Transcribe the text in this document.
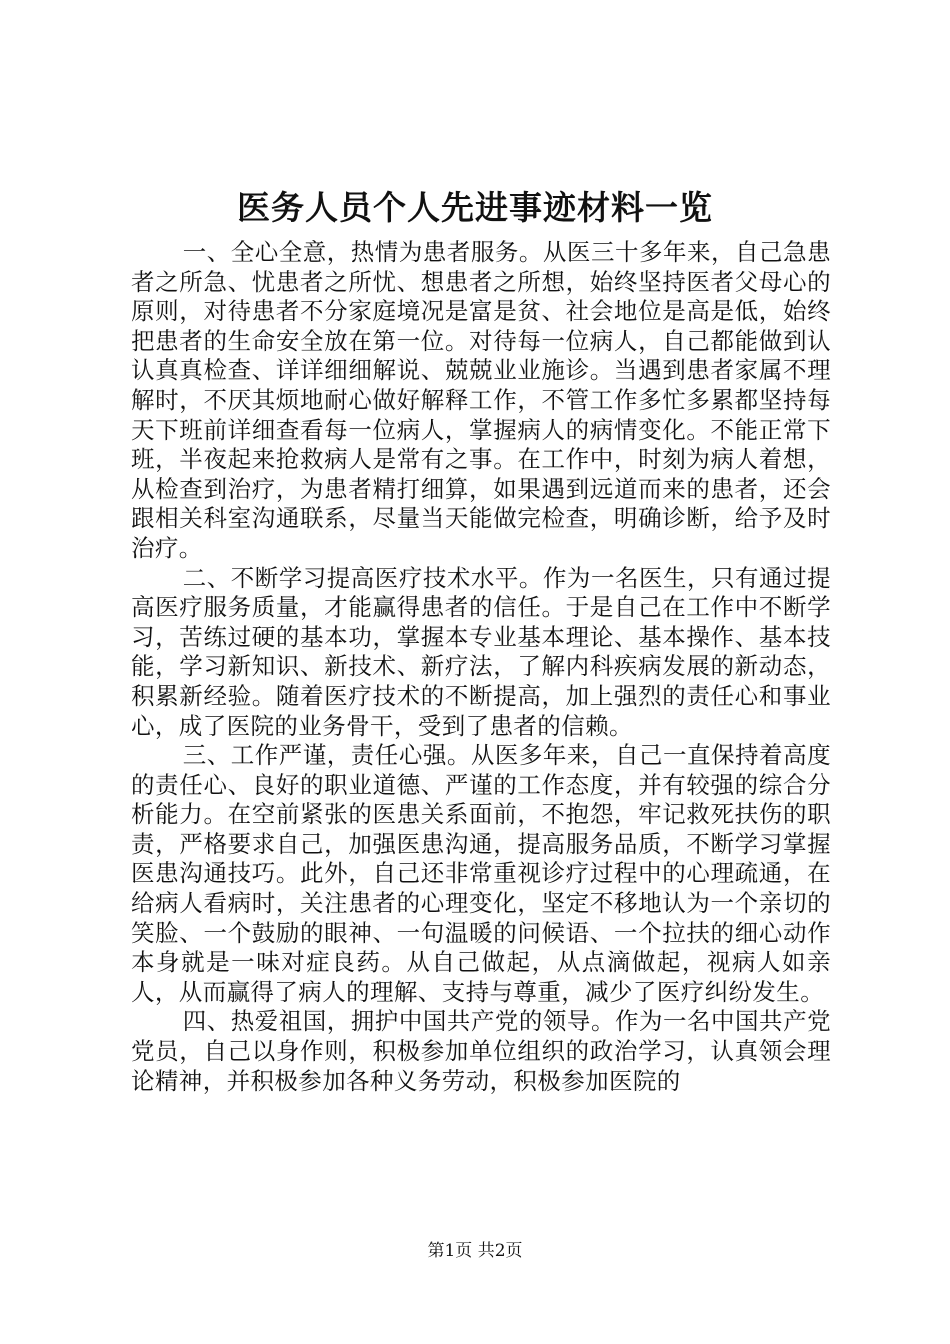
医务人员个人先进事迹材料一览

一、全心全意，热情为患者服务。从医三十多年来，自己急患者之所急、忧患者之所忧、想患者之所想，始终坚持医者父母心的原则，对待患者不分家庭境况是富是贫、社会地位是高是低，始终把患者的生命安全放在第一位。对待每一位病人，自己都能做到认认真真检查、详详细细解说、兢兢业业施诊。当遇到患者家属不理解时，不厌其烦地耐心做好解释工作，不管工作多忙多累都坚持每天下班前详细查看每一位病人，掌握病人的病情变化。不能正常下班，半夜起来抢救病人是常有之事。在工作中，时刻为病人着想，从检查到治疗，为患者精打细算，如果遇到远道而来的患者，还会跟相关科室沟通联系，尽量当天能做完检查，明确诊断，给予及时治疗。

二、不断学习提高医疗技术水平。作为一名医生，只有通过提高医疗服务质量，才能赢得患者的信任。于是自己在工作中不断学习，苦练过硬的基本功，掌握本专业基本理论、基本操作、基本技能，学习新知识、新技术、新疗法，了解内科疾病发展的新动态，积累新经验。随着医疗技术的不断提高，加上强烈的责任心和事业心，成了医院的业务骨干，受到了患者的信赖。

三、工作严谨，责任心强。从医多年来，自己一直保持着高度的责任心、良好的职业道德、严谨的工作态度，并有较强的综合分析能力。在空前紧张的医患关系面前，不抱怨，牢记救死扶伤的职责，严格要求自己，加强医患沟通，提高服务品质，不断学习掌握医患沟通技巧。此外，自己还非常重视诊疗过程中的心理疏通，在给病人看病时，关注患者的心理变化，坚定不移地认为一个亲切的笑脸、一个鼓励的眼神、一句温暖的问候语、一个拉扶的细心动作本身就是一味对症良药。从自己做起，从点滴做起，视病人如亲人，从而赢得了病人的理解、支持与尊重，减少了医疗纠纷发生。

四、热爱祖国，拥护中国共产党的领导。作为一名中国共产党党员，自己以身作则，积极参加单位组织的政治学习，认真领会理论精神，并积极参加各种义务劳动，积极参加医院的

第1页 共2页
